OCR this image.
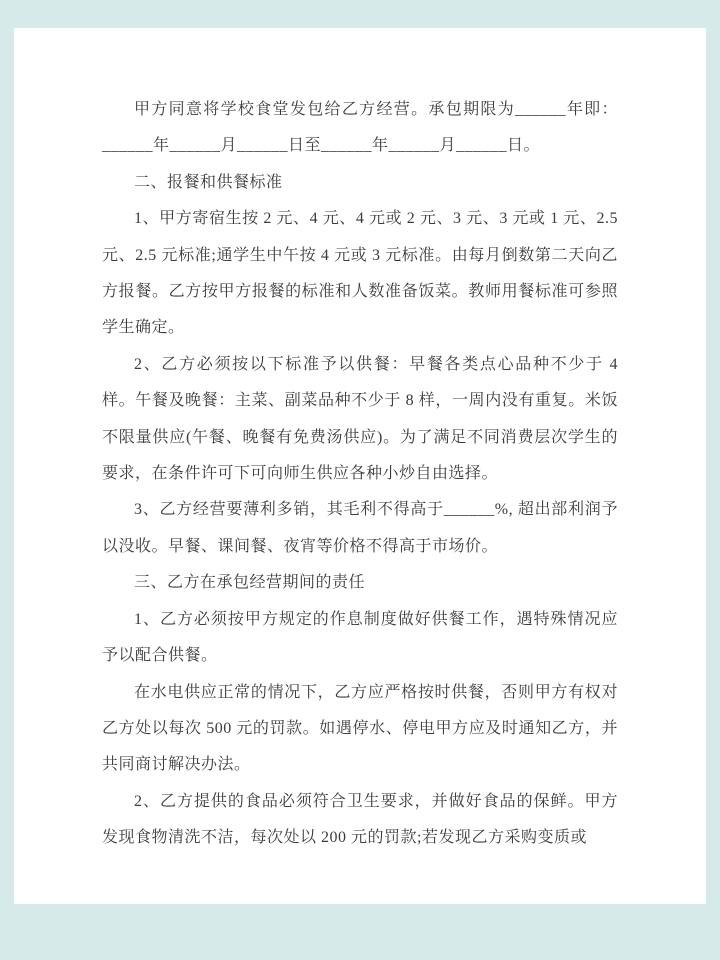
甲方同意将学校食堂发包给乙方经营。承包期限为______年即：______年______月______日至______年______月______日。

二、报餐和供餐标准

1、甲方寄宿生按 2 元、4 元、4 元或 2 元、3 元、3 元或 1 元、2.5 元、2.5 元标准;通学生中午按 4 元或 3 元标准。由每月倒数第二天向乙方报餐。乙方按甲方报餐的标准和人数准备饭菜。教师用餐标准可参照学生确定。

2、乙方必须按以下标准予以供餐：早餐各类点心品种不少于 4 样。午餐及晚餐：主菜、副菜品种不少于 8 样，一周内没有重复。米饭不限量供应(午餐、晚餐有免费汤供应)。为了满足不同消费层次学生的要求，在条件许可下可向师生供应各种小炒自由选择。

3、乙方经营要薄利多销，其毛利不得高于______%, 超出部利润予以没收。早餐、课间餐、夜宵等价格不得高于市场价。

三、乙方在承包经营期间的责任

1、乙方必须按甲方规定的作息制度做好供餐工作，遇特殊情况应予以配合供餐。

在水电供应正常的情况下，乙方应严格按时供餐，否则甲方有权对乙方处以每次 500 元的罚款。如遇停水、停电甲方应及时通知乙方，并共同商讨解决办法。

2、乙方提供的食品必须符合卫生要求，并做好食品的保鲜。甲方发现食物清洗不洁，每次处以 200 元的罚款;若发现乙方采购变质或
